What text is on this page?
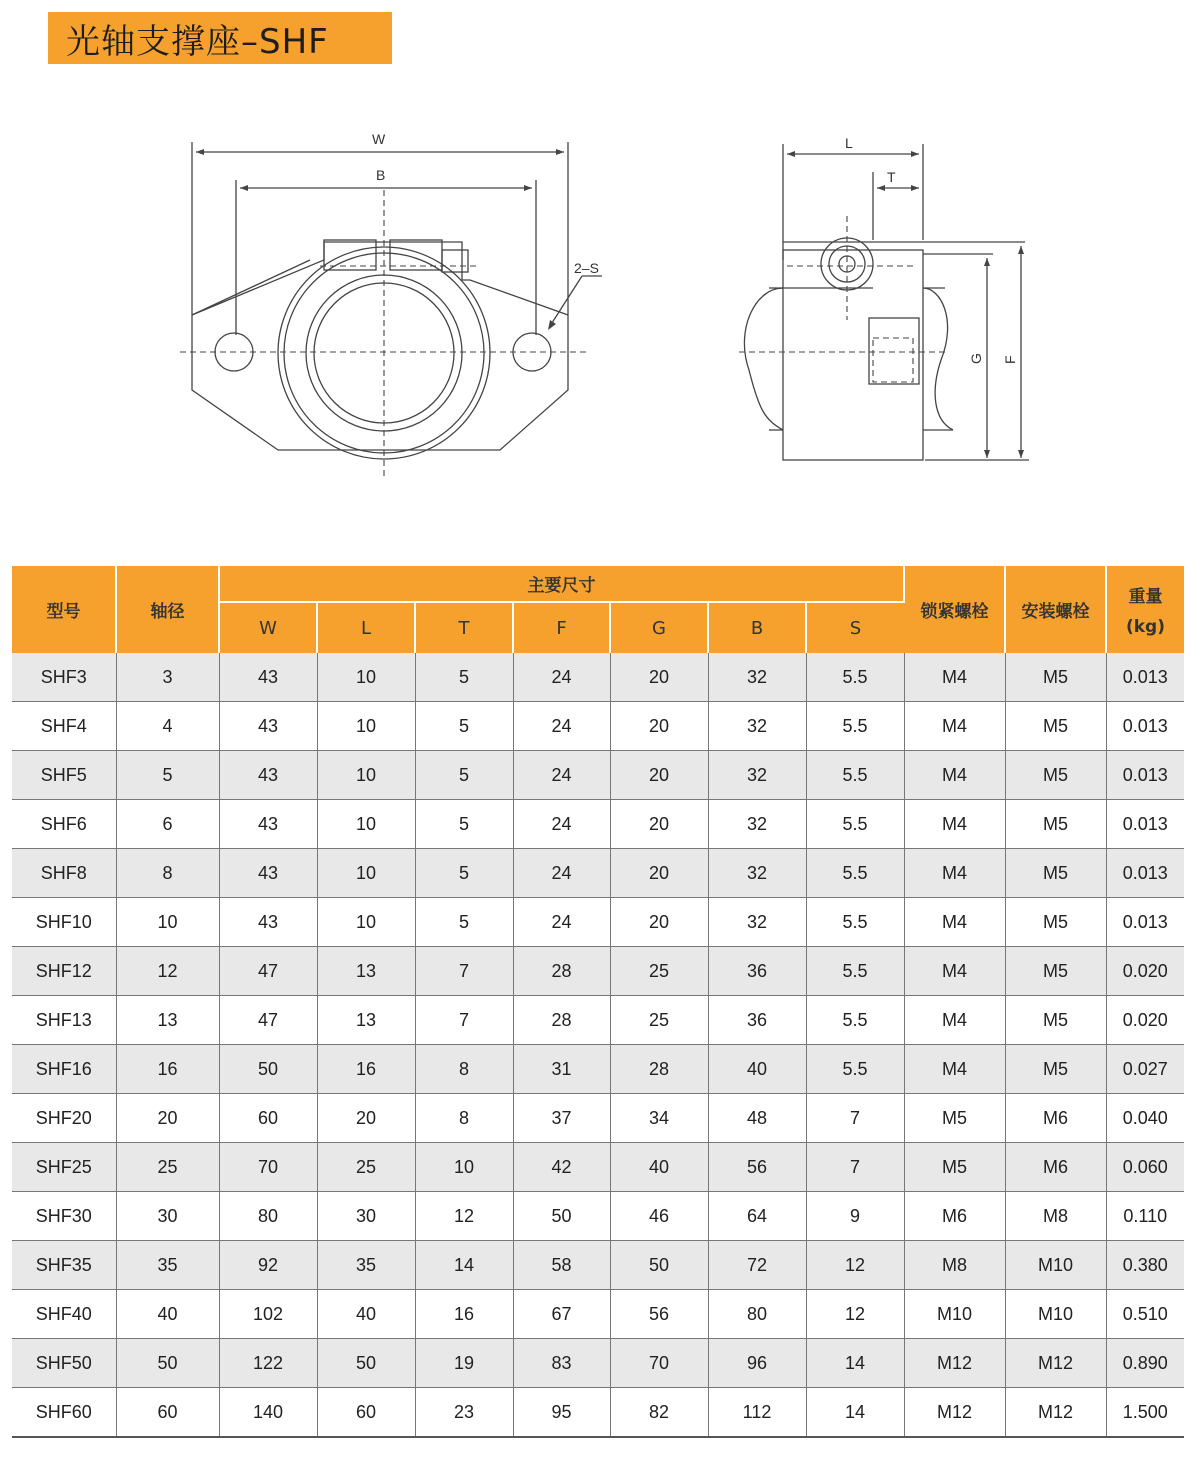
光轴支撑座–SHF
W
B
2–S
L
T
G F
型号	轴径	主要尺寸							锁紧螺栓	安装螺栓	重量
(kg)

		W	L	T	F	G	B	S			
SHF3	3	43	10	5	24	20	32	5.5	M4	M5	0.013
SHF4	4	43	10	5	24	20	32	5.5	M4	M5	0.013
SHF5	5	43	10	5	24	20	32	5.5	M4	M5	0.013
SHF6	6	43	10	5	24	20	32	5.5	M4	M5	0.013
SHF8	8	43	10	5	24	20	32	5.5	M4	M5	0.013
SHF10	10	43	10	5	24	20	32	5.5	M4	M5	0.013
SHF12	12	47	13	7	28	25	36	5.5	M4	M5	0.020
SHF13	13	47	13	7	28	25	36	5.5	M4	M5	0.020
SHF16	16	50	16	8	31	28	40	5.5	M4	M5	0.027
SHF20	20	60	20	8	37	34	48	7	M5	M6	0.040
SHF25	25	70	25	10	42	40	56	7	M5	M6	0.060
SHF30	30	80	30	12	50	46	64	9	M6	M8	0.110
SHF35	35	92	35	14	58	50	72	12	M8	M10	0.380
SHF40	40	102	40	16	67	56	80	12	M10	M10	0.510
SHF50	50	122	50	19	83	70	96	14	M12	M12	0.890
SHF60	60	140	60	23	95	82	112	14	M12	M12	1.500
